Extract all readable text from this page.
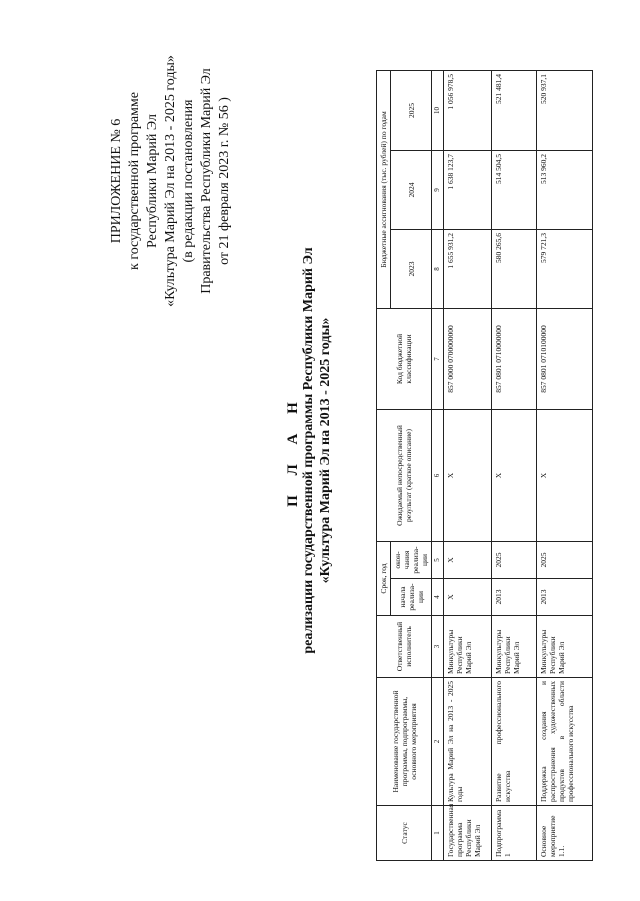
ПРИЛОЖЕНИЕ № 6 к государственной программе Республики Марий Эл «Культура Марий Эл на 2013 - 2025 годы» (в редакции постановления Правительства Республики Марий Эл от 21 февраля 2023 г. № 56 )
П Л А Н реализации государственной программы Республики Марий Эл «Культура Марий Эл на 2013 - 2025 годы»
Статус	Наименование государственной программы, подпрограммы, основного мероприятия	Ответственный исполнитель	Срок, год		Ожидаемый непосредственный результат (краткое описание)	Код бюджетной классификации	Бюджетные ассигнования (тыс. рублей) по годам		
			начала реализа-ции	окон-чания реализа-ции			2023	2024	2025

1	2	3	4	5	6	7	8	9	10
Государственная программа Республики Марий Эл	Культура Марий Эл на 2013 - 2025 годы	Минкультуры Республики Марий Эл	Х	Х	Х	857 0000 0700000000	1 655 931,2	1 638 123,7	1 056 978,5
Подпрограмма 1	Развитие профессионального искусства	Минкультуры Республики Марий Эл	2013	2025	Х	857 0801 0710000000	580 265,6	514 504,5	521 481,4
Основное мероприятие 1.1.	Поддержка создания и распространения художественных продуктов в области профессионального искусства	Минкультуры Республики Марий Эл	2013	2025	Х	857 0801 0710100000	579 721,3	513 960,2	520 937,1
